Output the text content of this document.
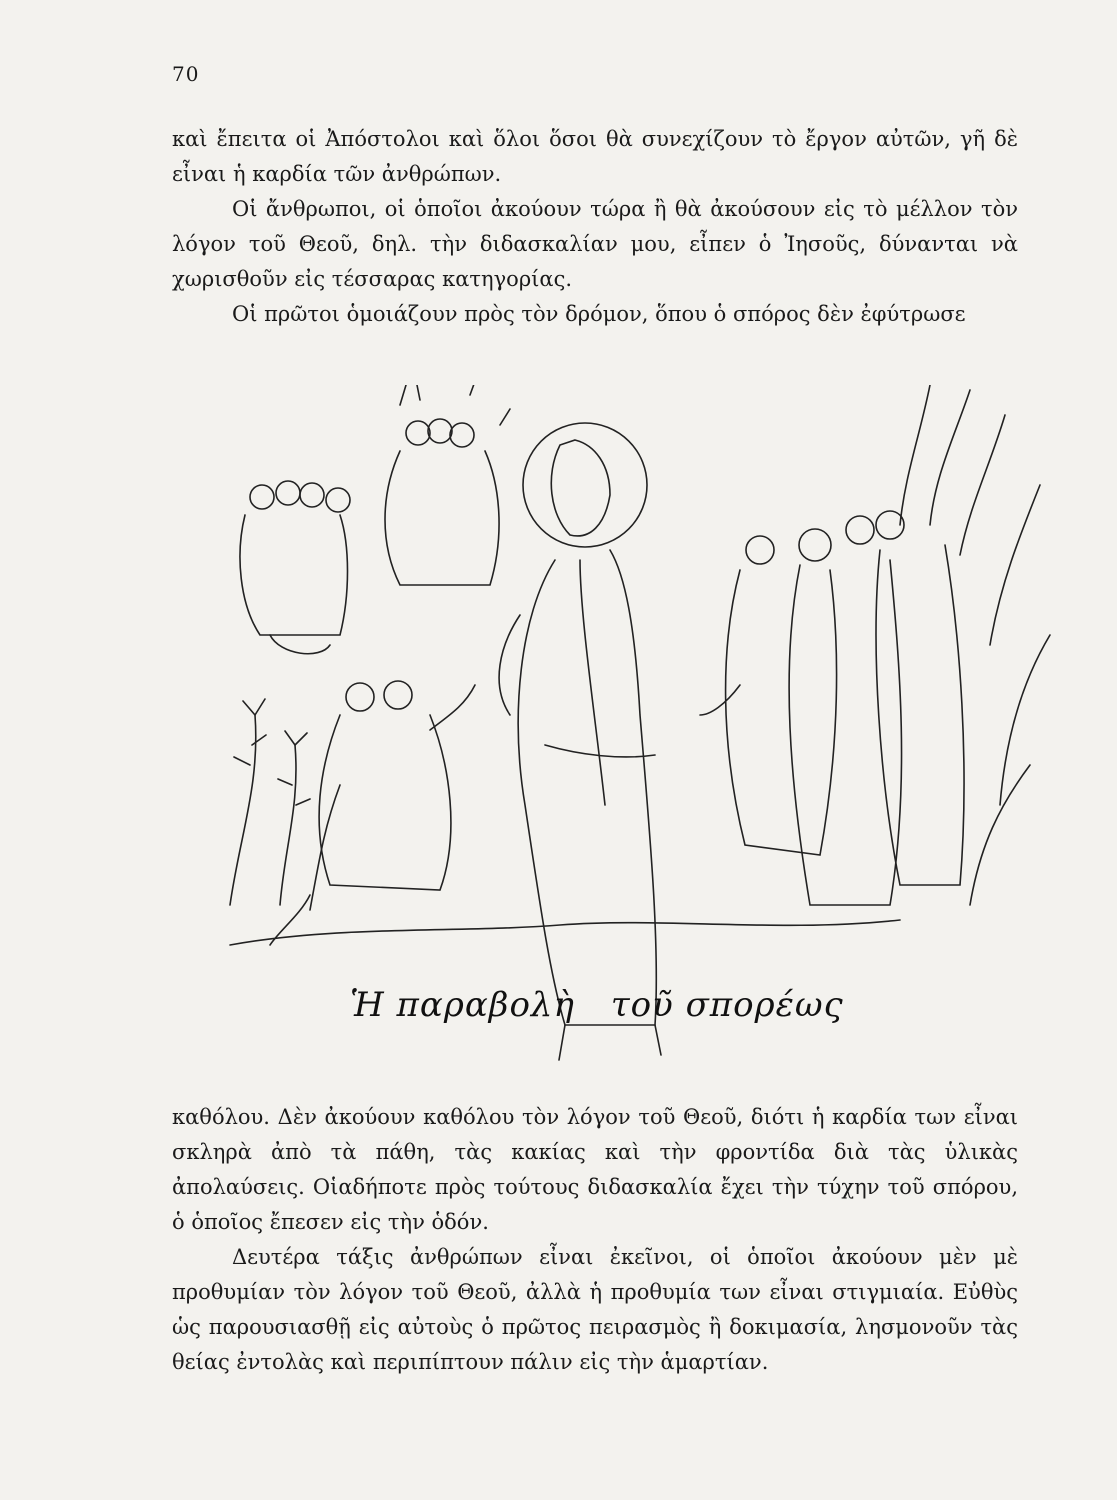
70

καὶ ἔπειτα οἱ Ἀπόστολοι καὶ ὅλοι ὅσοι θὰ συνεχίζουν τὸ ἔργον αὐτῶν, γῆ δὲ εἶναι ἡ καρδία τῶν ἀνθρώπων.

Οἱ ἄνθρωποι, οἱ ὁποῖοι ἀκούουν τώρα ἢ θὰ ἀκούσουν εἰς τὸ μέλλον τὸν λόγον τοῦ Θεοῦ, δηλ. τὴν διδασκαλίαν μου, εἶπεν ὁ Ἰησοῦς, δύνανται νὰ χωρισθοῦν εἰς τέσσαρας κατηγορίας.

Οἱ πρῶτοι ὁμοιάζουν πρὸς τὸν δρόμον, ὅπου ὁ σπόρος δὲν ἐφύτρωσε

Ἡ παραβολὴ τοῦ σπορέως

καθόλου. Δὲν ἀκούουν καθόλου τὸν λόγον τοῦ Θεοῦ, διότι ἡ καρδία των εἶναι σκληρὰ ἀπὸ τὰ πάθη, τὰς κακίας καὶ τὴν φροντίδα διὰ τὰς ὑλικὰς ἀπολαύσεις. Οἱαδήποτε πρὸς τούτους διδασκαλία ἔχει τὴν τύχην τοῦ σπόρου, ὁ ὁποῖος ἔπεσεν εἰς τὴν ὁδόν.

Δευτέρα τάξις ἀνθρώπων εἶναι ἐκεῖνοι, οἱ ὁποῖοι ἀκούουν μὲν μὲ προθυμίαν τὸν λόγον τοῦ Θεοῦ, ἀλλὰ ἡ προθυμία των εἶναι στιγμιαία. Εὐθὺς ὡς παρουσιασθῇ εἰς αὐτοὺς ὁ πρῶτος πειρασμὸς ἢ δοκιμασία, λησμονοῦν τὰς θείας ἐντολὰς καὶ περιπίπτουν πάλιν εἰς τὴν ἁμαρτίαν.
